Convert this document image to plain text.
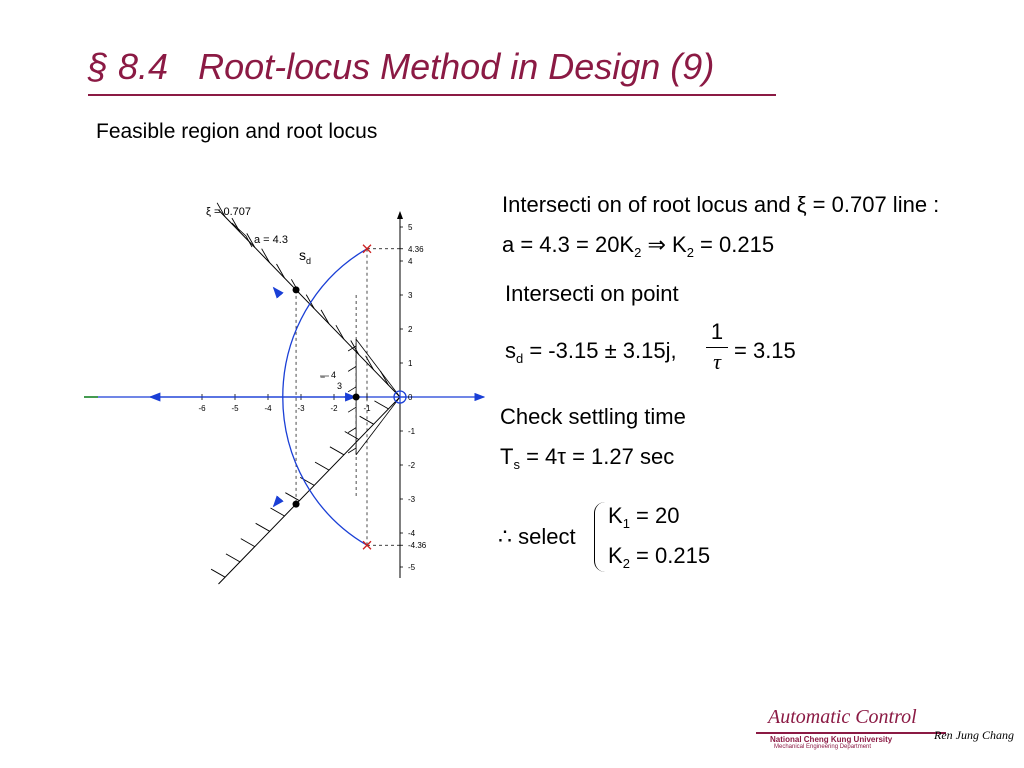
§ 8.4   Root-locus Method in Design (9)
Feasible region and root locus
-6	-5	-4	-3	-2	-1
5
4.36
4
3
2
1
0
-1
-2
-3
-4
-4.36
-5
ξ = 0.707
a = 4.3
$s_d$
− 4
3
Intersecti on of root locus and ξ = 0.707 line :
$a = 4.3 = 20K_2$ ⇒ $K_2 = 0.215$
Intersecti on point
$s_d = -3.15 \pm 3.15j$,
1
τ = 3.15
Check settling time
$T_s = 4\tau = 1.27$ sec
∴ select
$K_1 = 20$
$K_2 = 0.215$
Automatic Control
National Cheng Kung University
Mechanical Engineering Department
Ren Jung Chang
